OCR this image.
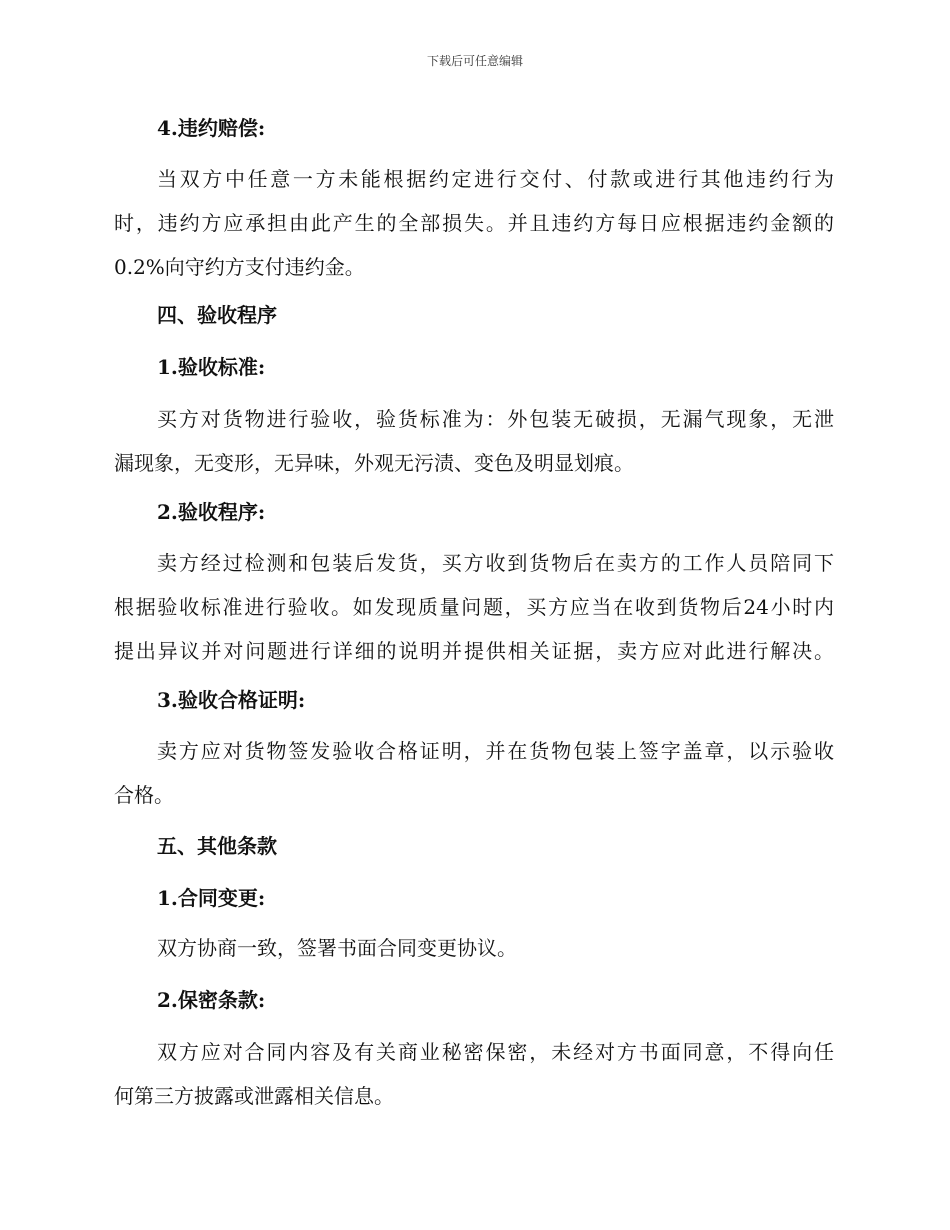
下载后可任意编辑
4.违约赔偿:
当双方中任意一方未能根据约定进行交付、付款或进行其他违约行为
时，违约方应承担由此产生的全部损失。并且违约方每日应根据违约金额的
0.2%向守约方支付违约金。
四、验收程序
1.验收标准:
买方对货物进行验收，验货标准为：外包装无破损，无漏气现象，无泄
漏现象，无变形，无异味，外观无污渍、变色及明显划痕。
2.验收程序:
卖方经过检测和包装后发货，买方收到货物后在卖方的工作人员陪同下
根据验收标准进行验收。如发现质量问题，买方应当在收到货物后24小时内
提出异议并对问题进行详细的说明并提供相关证据，卖方应对此进行解决。
3.验收合格证明:
卖方应对货物签发验收合格证明，并在货物包装上签字盖章，以示验收
合格。
五、其他条款
1.合同变更:
双方协商一致，签署书面合同变更协议。
2.保密条款:
双方应对合同内容及有关商业秘密保密，未经对方书面同意，不得向任
何第三方披露或泄露相关信息。
